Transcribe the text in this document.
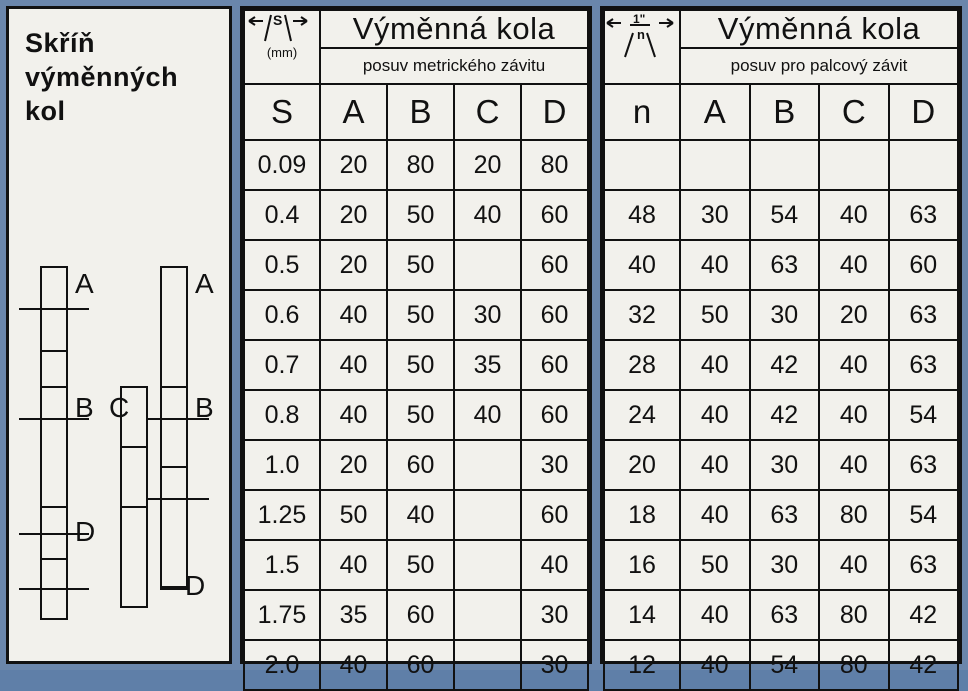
Skříň výměnných kol
A
B C
D
A
B
D
S
(mm)	Výměnná kola			
	posuv metrického závitu			
S	A	B	C	D
0.09	20	80	20	80
0.4	20	50	40	60
0.5	20	50		60
0.6	40	50	30	60
0.7	40	50	35	60
0.8	40	50	40	60
1.0	20	60		30
1.25	50	40		60
1.5	40	50		40
1.75	35	60		30
2.0	40	60		30
1"
n	Výměnná kola			
	posuv pro palcový závit			
n	A	B	C	D

48	30	54	40	63
40	40	63	40	60
32	50	30	20	63
28	40	42	40	63
24	40	42	40	54
20	40	30	40	63
18	40	63	80	54
16	50	30	40	63
14	40	63	80	42
12	40	54	80	42
